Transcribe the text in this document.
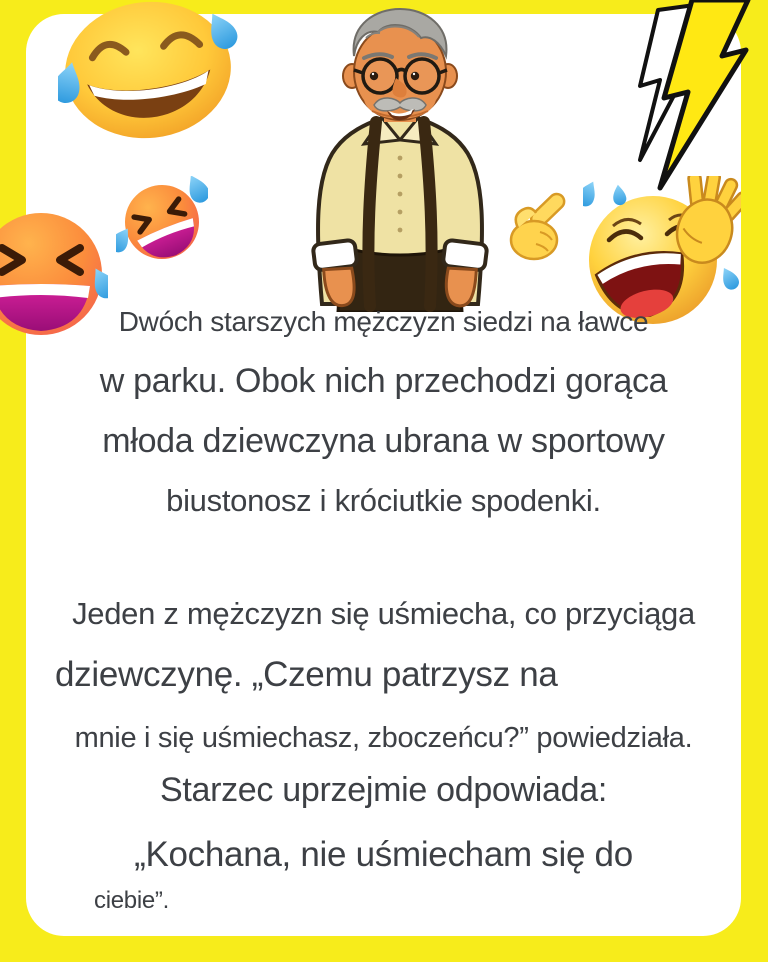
Dwóch starszych mężczyzn siedzi na ławce
w parku. Obok nich przechodzi gorąca
młoda dziewczyna ubrana w sportowy
biustonosz i króciutkie spodenki.
Jeden z mężczyzn się uśmiecha, co przyciąga
dziewczynę. „Czemu patrzysz na
mnie i się uśmiechasz, zboczeńcu?” powiedziała.
Starzec uprzejmie odpowiada:
„Kochana, nie uśmiecham się do
ciebie”.
